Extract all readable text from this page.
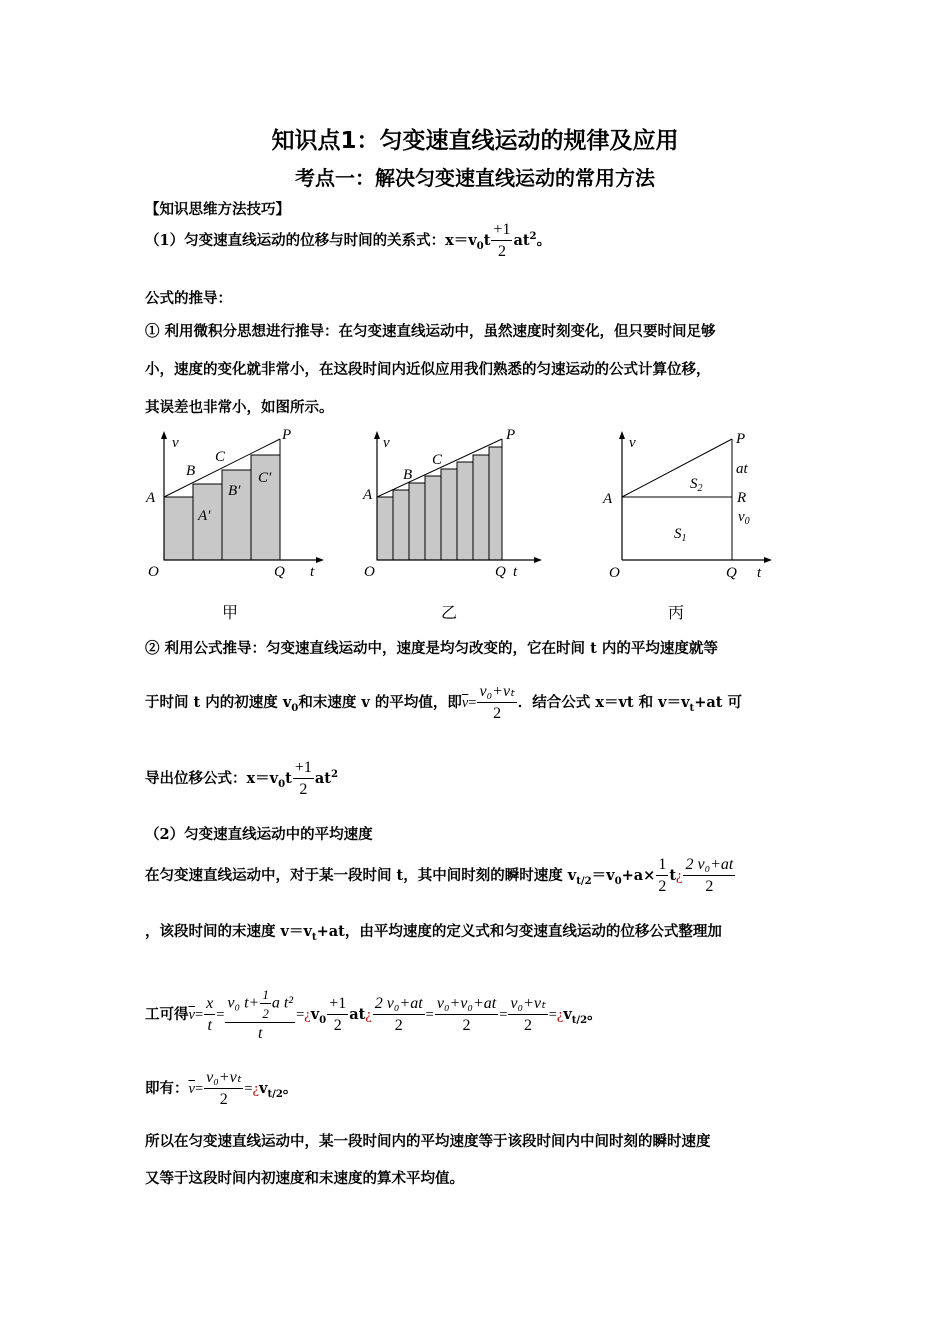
知识点1：匀变速直线运动的规律及应用
考点一：解决匀变速直线运动的常用方法
【知识思维方法技巧】
（1）匀变速直线运动的位移与时间的关系式：$x=v_0t \frac{+1}{2} at^2$。
公式的推导：
① 利用微积分思想进行推导：在匀变速直线运动中，虽然速度时刻变化，但只要时间足够
小，速度的变化就非常小，在这段时间内近似应用我们熟悉的匀速运动的公式计算位移，
其误差也非常小，如图所示。
O	Q t
v
A
B
C
P
A′
B′
C′
O	Q t
v
A
B
C
P
O	Q t
v
A
P
R
at
$v_0$
$S_2$
$S_1$
甲	乙	丙
② 利用公式推导：匀变速直线运动中，速度是均匀改变的，它在时间 t 内的平均速度就等
于时间 t 内的初速度 $v_0$和末速度 v 的平均值，即$\overline{v}= \frac{\text{v₀+vₜ}}{2}$ ．结合公式 x＝vt 和 $v=v_t+at$ 可
导出位移公式：$x=v_0t \frac{+1}{2} at^2$
（2）匀变速直线运动中的平均速度
在匀变速直线运动中，对于某一段时间 t，其中间时刻的瞬时速度 $v_{t/2}=v_0+a\times \frac{1}{2}$ t¿ $\frac{\text{2 v₀+at}}{2}$
，该段时间的末速度 $v=v_t+at$，由平均速度的定义式和匀变速直线运动的位移公式整理加
工可得$\overline{v}= \frac{x}{t} = \frac{v_0 t+ \frac{1}{2} a t^2}{t}$ $=¿v_0 \frac{+1}{2}$ at¿ $\frac{\text{2 v₀+at}}{2} = \frac{\text{v₀+v₀+at}}{2} = \frac{\text{v₀+vₜ}}{2}$ $=¿v_{t/2}$。
即有：$\overline{v}= \frac{\text{v₀+vₜ}}{2}$ $=¿v_{t/2}$。
所以在匀变速直线运动中，某一段时间内的平均速度等于该段时间内中间时刻的瞬时速度
又等于这段时间内初速度和末速度的算术平均值。
